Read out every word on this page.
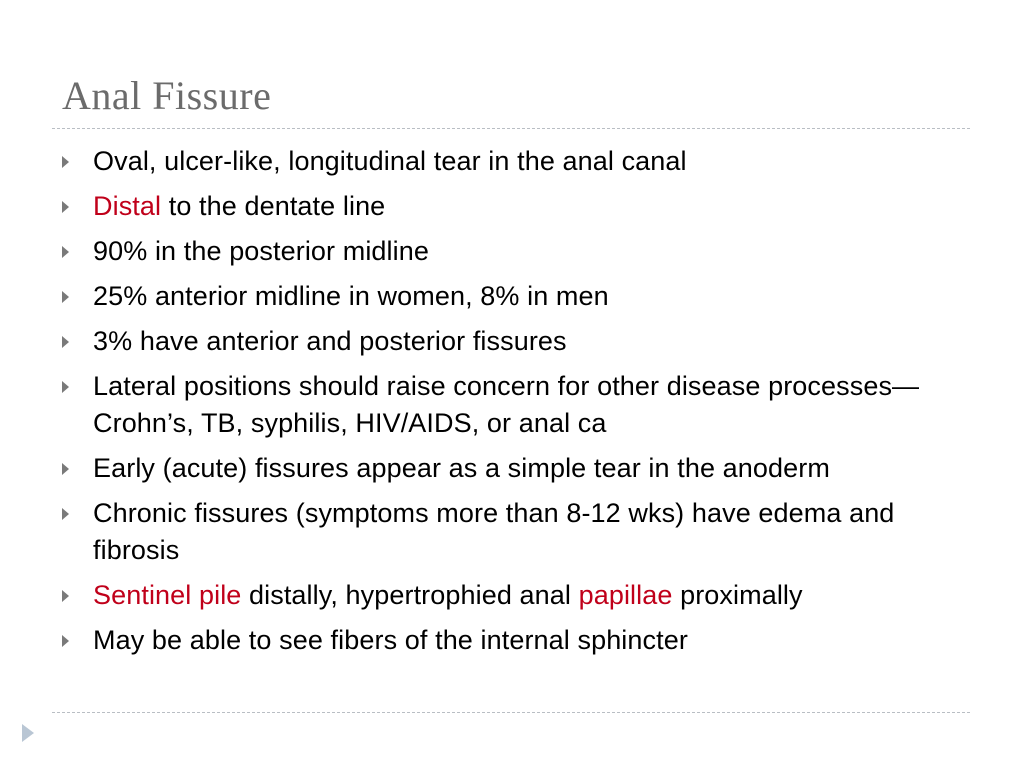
Anal Fissure
Oval, ulcer-like, longitudinal tear in the anal canal
Distal to the dentate line
90% in the posterior midline
25% anterior midline in women, 8% in men
3% have anterior and posterior fissures
Lateral positions should raise concern for other disease processes—Crohn’s, TB, syphilis, HIV/AIDS, or anal ca
Early (acute) fissures appear as a simple tear in the anoderm
Chronic fissures (symptoms more than 8-12 wks) have edema and fibrosis
Sentinel pile distally, hypertrophied anal papillae proximally
May be able to see fibers of the internal sphincter
